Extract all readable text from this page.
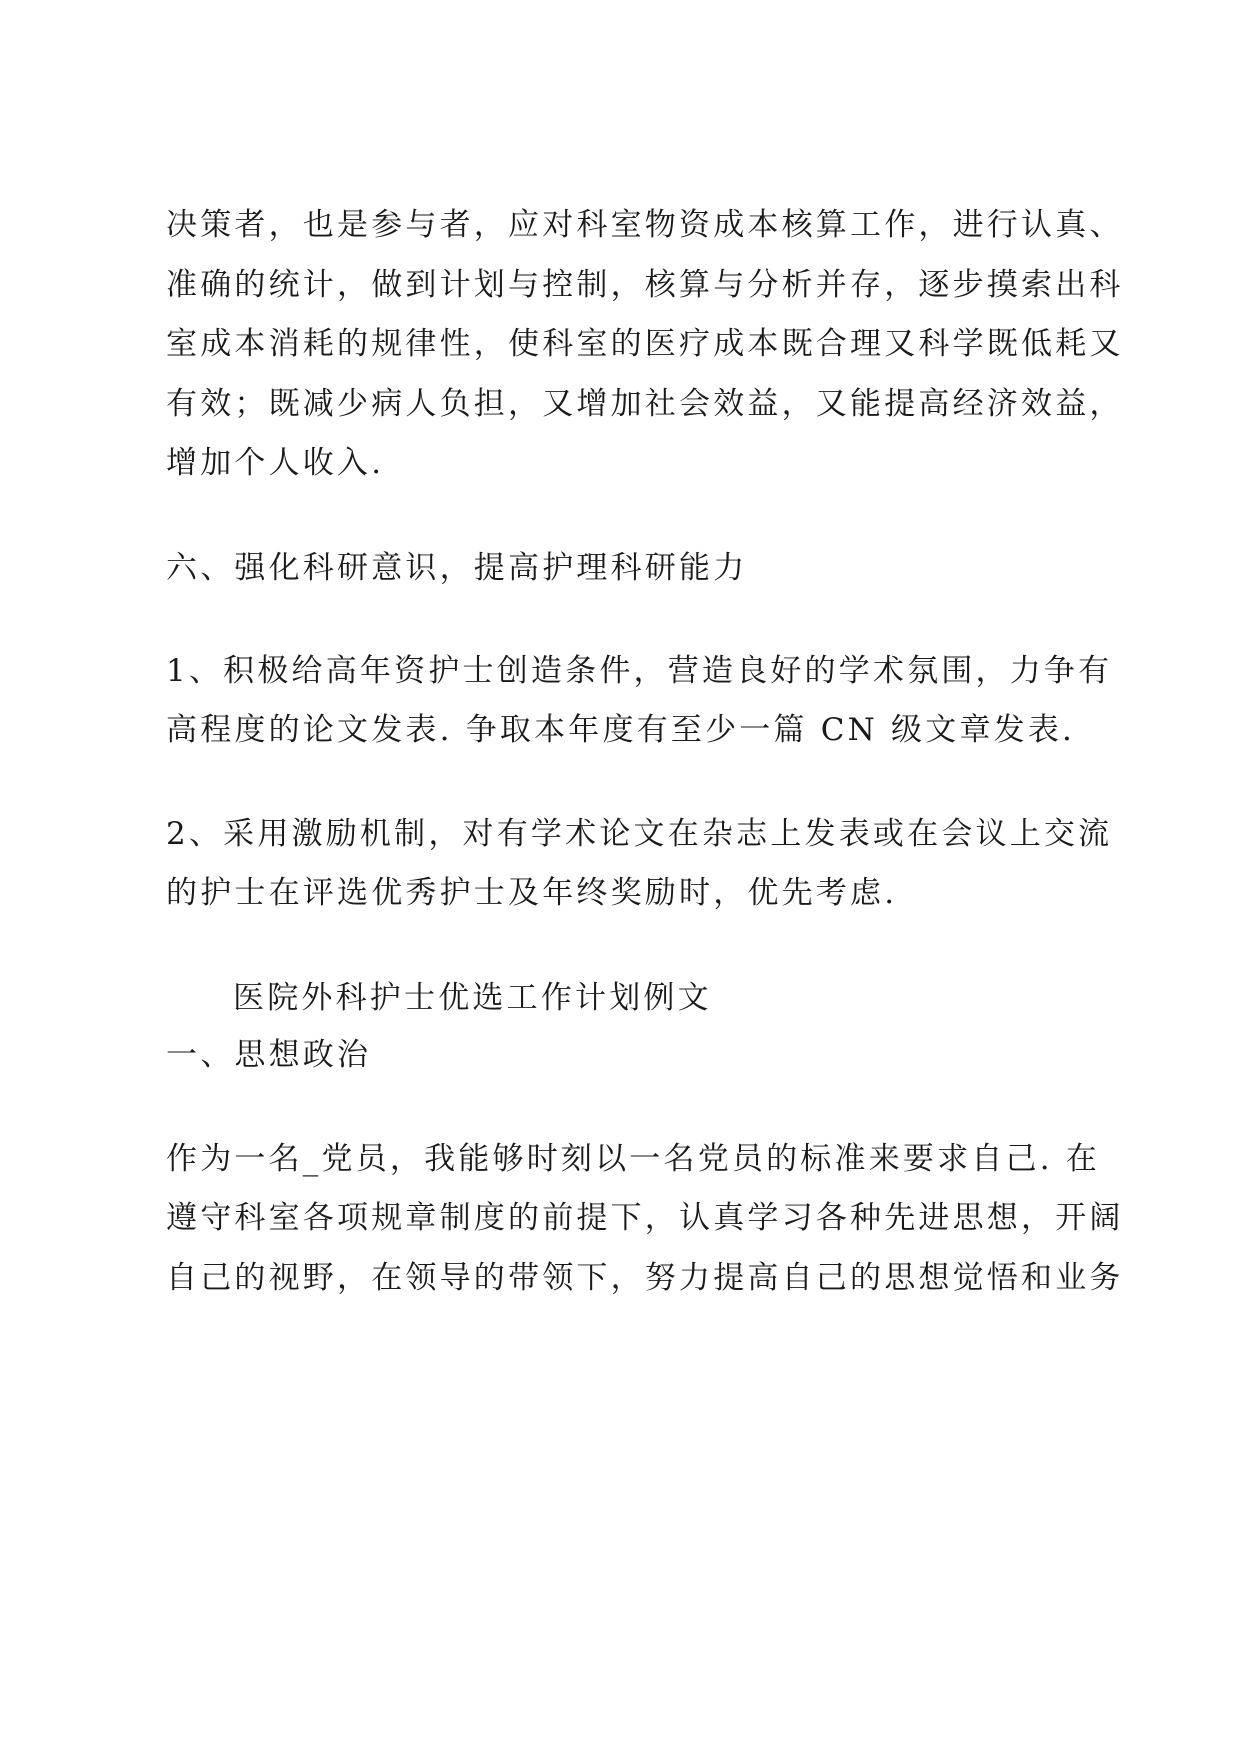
决策者，也是参与者，应对科室物资成本核算工作，进行认真、
准确的统计，做到计划与控制，核算与分析并存，逐步摸索出科
室成本消耗的规律性，使科室的医疗成本既合理又科学既低耗又
有效；既减少病人负担，又增加社会效益，又能提高经济效益，
增加个人收入.
六、强化科研意识，提高护理科研能力
1、积极给高年资护士创造条件，营造良好的学术氛围，力争有
高程度的论文发表. 争取本年度有至少一篇 CN 级文章发表.
2、采用激励机制，对有学术论文在杂志上发表或在会议上交流
的护士在评选优秀护士及年终奖励时，优先考虑.
医院外科护士优选工作计划例文
一、思想政治
作为一名_党员，我能够时刻以一名党员的标准来要求自己. 在
遵守科室各项规章制度的前提下，认真学习各种先进思想，开阔
自己的视野，在领导的带领下，努力提高自己的思想觉悟和业务
